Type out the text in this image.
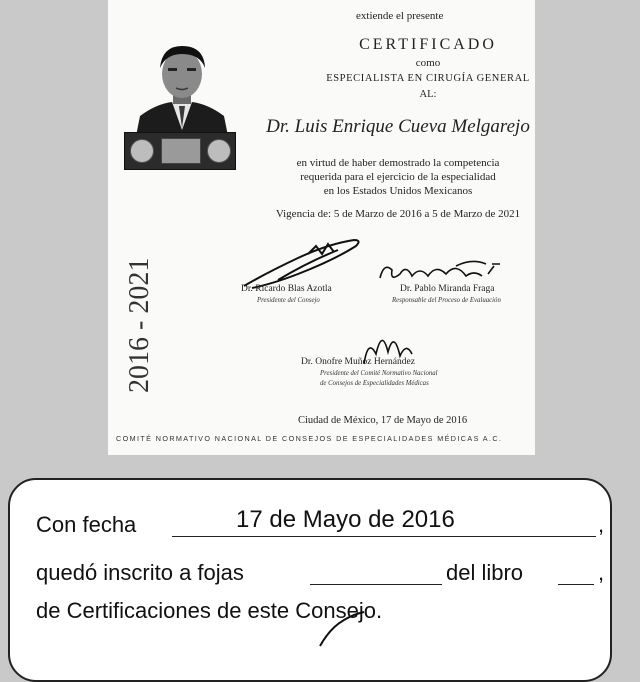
extiende el presente
CERTIFICADO
como
ESPECIALISTA EN CIRUGÍA GENERAL
AL:
Dr. Luis Enrique Cueva Melgarejo
en virtud de haber demostrado la competencia
requerida para el ejercicio de la especialidad
en los Estados Unidos Mexicanos
Vigencia de: 5 de Marzo de 2016 a 5 de Marzo de 2021
2016 - 2021	Dr. Ricardo Blas Azotla
Presidente del Consejo
Dr. Pablo Miranda Fraga
Responsable del Proceso de Evaluación
Dr. Onofre Muñoz Hernández
Presidente del Comité Normativo Nacional
de Consejos de Especialidades Médicas
Ciudad de México, 17 de Mayo de 2016
COMITÉ NORMATIVO NACIONAL DE CONSEJOS DE ESPECIALIDADES MÉDICAS A.C.
Con fecha	17 de Mayo de 2016	,
quedó inscrito a fojas	del libro	,
de Certificaciones de este Consejo.
